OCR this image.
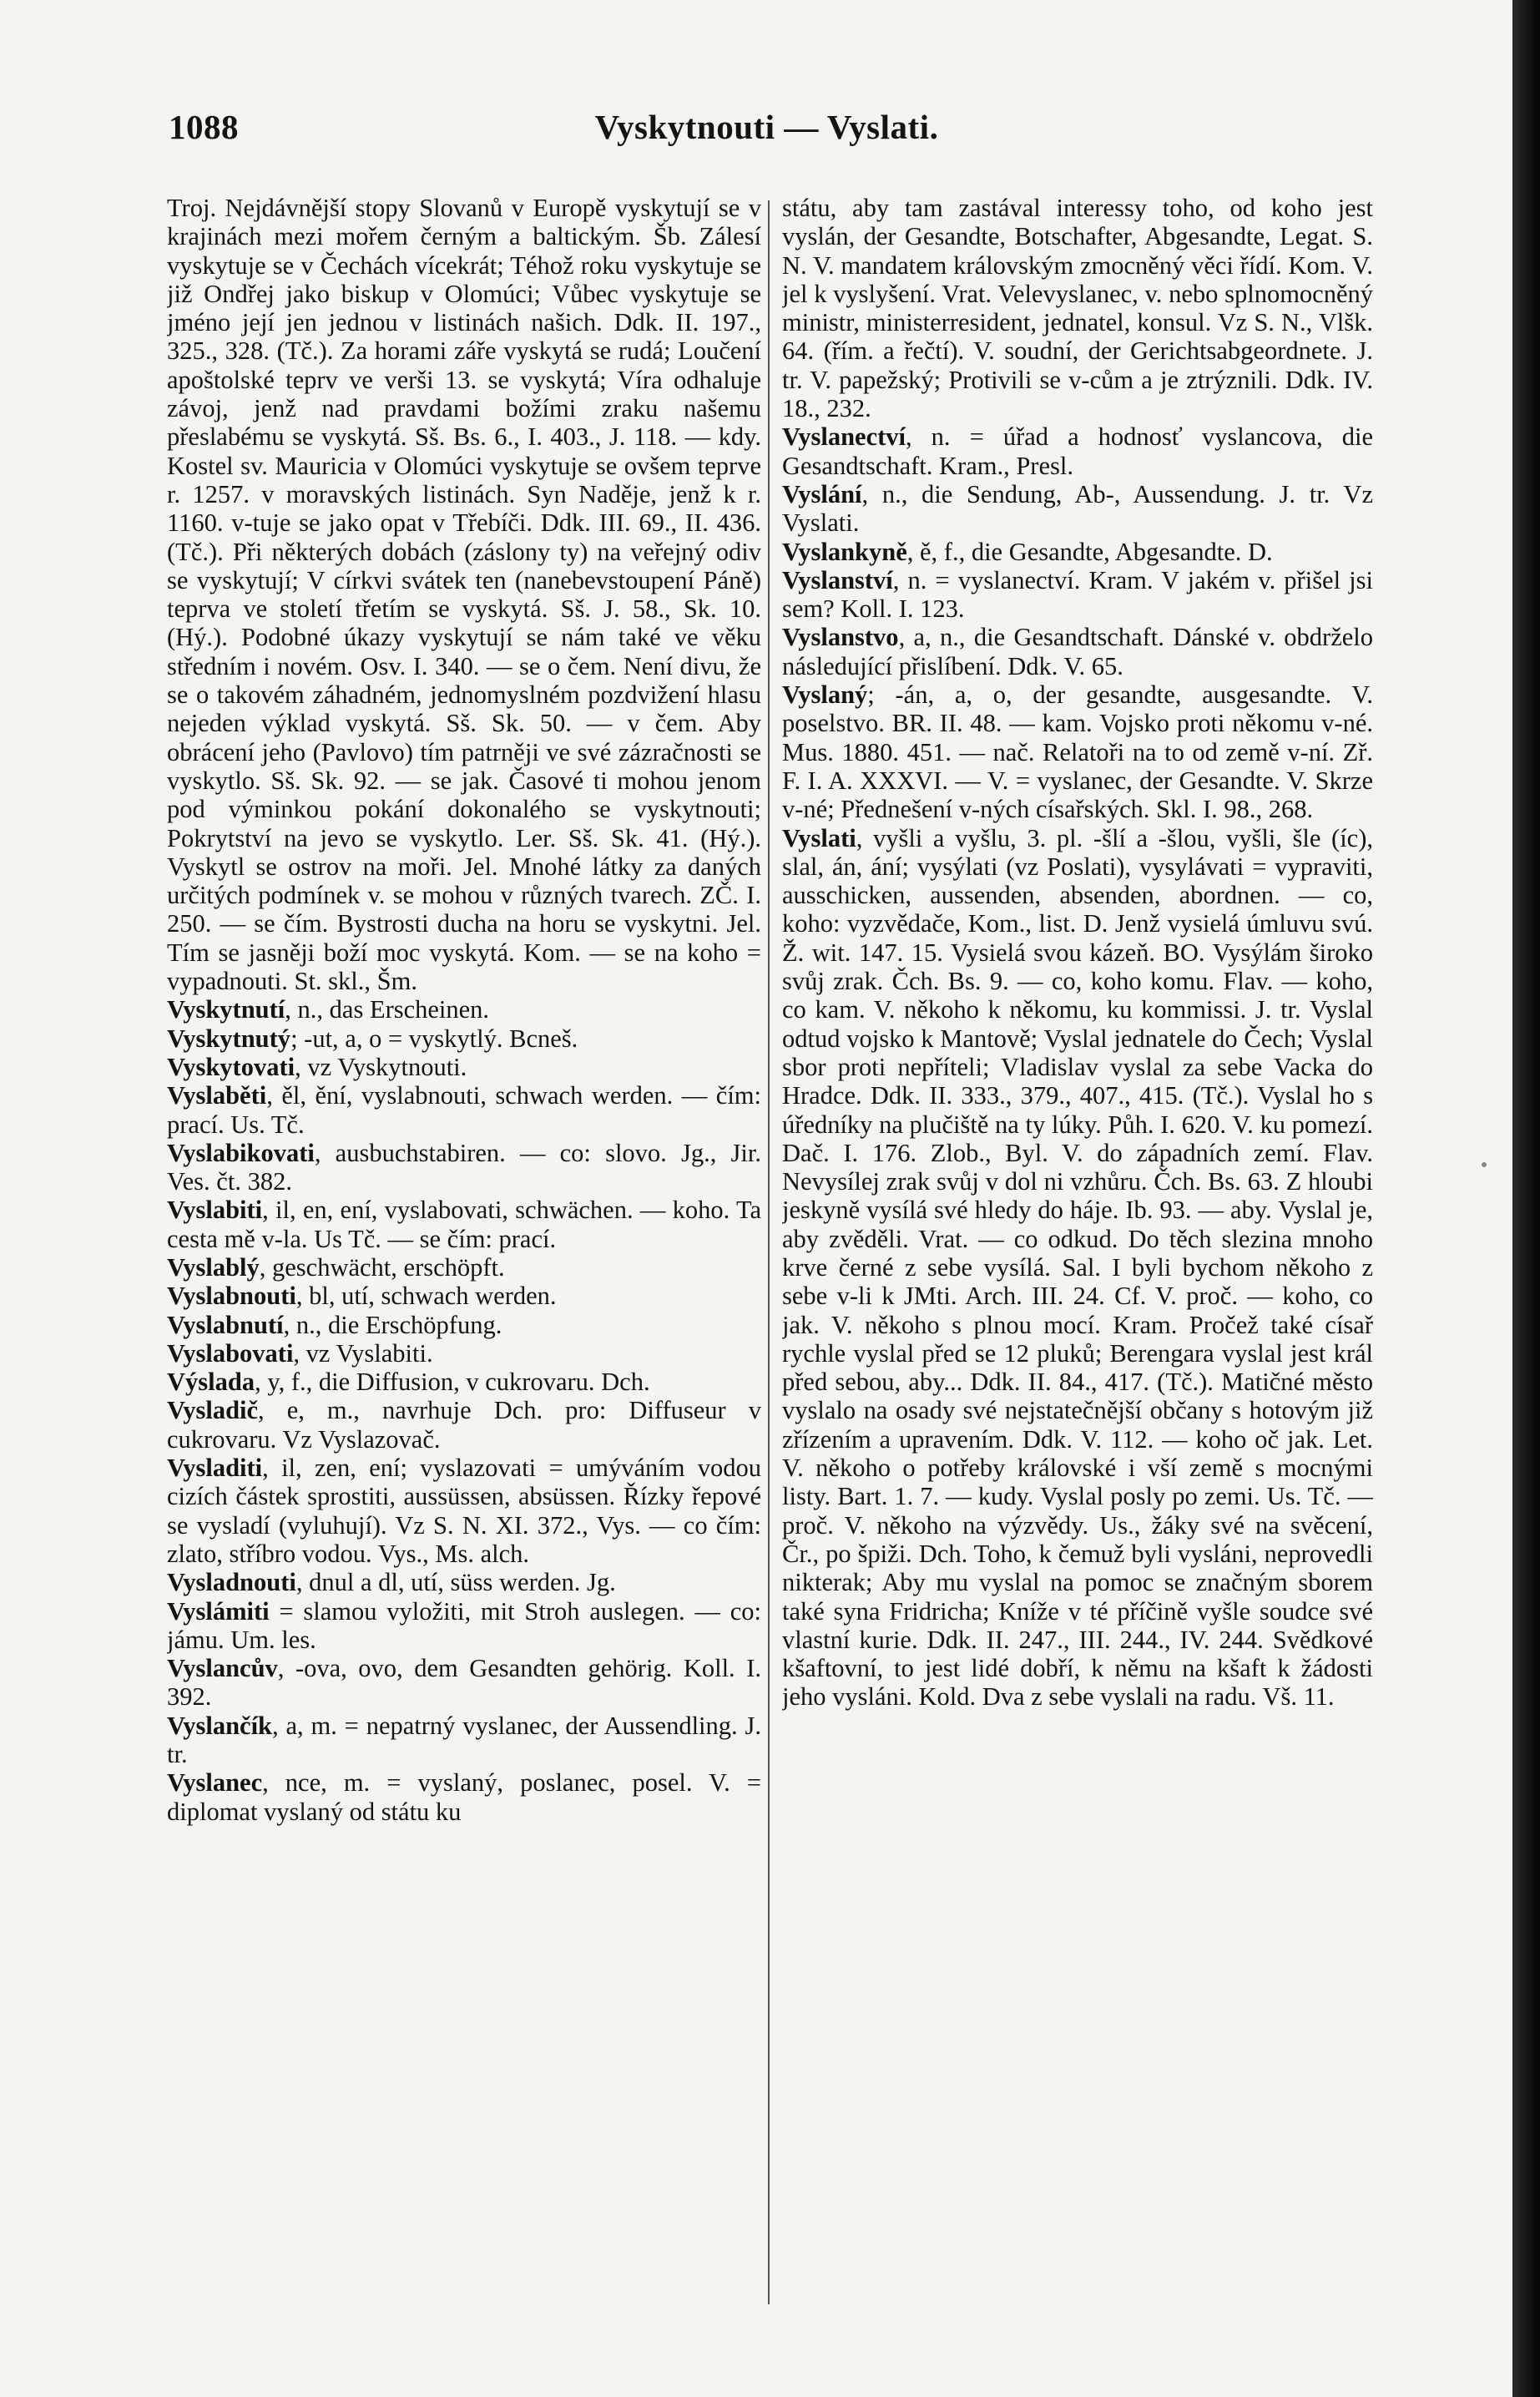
1088	Vyskytnouti — Vyslati.

Troj. Nejdávnější stopy Slovanů v Europě vyskytují se v krajinách mezi mořem černým a baltickým. Šb. Zálesí vyskytuje se v Čechách vícekrát; Téhož roku vyskytuje se již Ondřej jako biskup v Olomúci; Vůbec vyskytuje se jméno její jen jednou v listinách našich. Ddk. II. 197., 325., 328. (Tč.). Za horami záře vyskytá se rudá; Loučení apoštolské teprv ve verši 13. se vyskytá; Víra odhaluje závoj, jenž nad pravdami božími zraku našemu přeslabému se vyskytá. Sš. Bs. 6., I. 403., J. 118. — kdy. Kostel sv. Mauricia v Olomúci vyskytuje se ovšem teprve r. 1257. v moravských listinách. Syn Naděje, jenž k r. 1160. v-tuje se jako opat v Třebíči. Ddk. III. 69., II. 436. (Tč.). Při některých dobách (záslony ty) na veřejný odiv se vyskytují; V církvi svátek ten (nanebevstoupení Páně) teprva ve století třetím se vyskytá. Sš. J. 58., Sk. 10. (Hý.). Podobné úkazy vyskytují se nám také ve věku středním i novém. Osv. I. 340. — se o čem. Není divu, že se o takovém záhadném, jednomyslném pozdvižení hlasu nejeden výklad vyskytá. Sš. Sk. 50. — v čem. Aby obrácení jeho (Pavlovo) tím patrněji ve své zázračnosti se vyskytlo. Sš. Sk. 92. — se jak. Časové ti mohou jenom pod výminkou pokání dokonalého se vyskytnouti; Pokrytství na jevo se vyskytlo. Ler. Sš. Sk. 41. (Hý.). Vyskytl se ostrov na moři. Jel. Mnohé látky za daných určitých podmínek v. se mohou v různých tvarech. ZČ. I. 250. — se čím. Bystrosti ducha na horu se vyskytni. Jel. Tím se jasněji boží moc vyskytá. Kom. — se na koho = vypadnouti. St. skl., Šm.

Vyskytnutí, n., das Erscheinen.

Vyskytnutý; -ut, a, o = vyskytlý. Bcneš.

Vyskytovati, vz Vyskytnouti.

Vyslaběti, ěl, ění, vyslabnouti, schwach werden. — čím: prací. Us. Tč.

Vyslabikovati, ausbuchstabiren. — co: slovo. Jg., Jir. Ves. čt. 382.

Vyslabiti, il, en, ení, vyslabovati, schwächen. — koho. Ta cesta mě v-la. Us Tč. — se čím: prací.

Vyslablý, geschwächt, erschöpft.

Vyslabnouti, bl, utí, schwach werden.

Vyslabnutí, n., die Erschöpfung.

Vyslabovati, vz Vyslabiti.

Výslada, y, f., die Diffusion, v cukrovaru. Dch.

Vysladič, e, m., navrhuje Dch. pro: Diffuseur v cukrovaru. Vz Vyslazovač.

Vysladiti, il, zen, ení; vyslazovati = umýváním vodou cizích částek sprostiti, aussüssen, absüssen. Řízky řepové se vysladí (vyluhují). Vz S. N. XI. 372., Vys. — co čím: zlato, stříbro vodou. Vys., Ms. alch.

Vysladnouti, dnul a dl, utí, süss werden. Jg.

Vyslámiti = slamou vyložiti, mit Stroh auslegen. — co: jámu. Um. les.

Vyslancův, -ova, ovo, dem Gesandten gehörig. Koll. I. 392.

Vyslančík, a, m. = nepatrný vyslanec, der Aussendling. J. tr.

Vyslanec, nce, m. = vyslaný, poslanec, posel. V. = diplomat vyslaný od státu ku

státu, aby tam zastával interessy toho, od koho jest vyslán, der Gesandte, Botschafter, Abgesandte, Legat. S. N. V. mandatem královským zmocněný věci řídí. Kom. V. jel k vyslyšení. Vrat. Velevyslanec, v. nebo splnomocněný ministr, ministerresident, jednatel, konsul. Vz S. N., Vlšk. 64. (řím. a řečtí). V. soudní, der Gerichtsabgeordnete. J. tr. V. papežský; Protivili se v-cům a je ztrýznili. Ddk. IV. 18., 232.

Vyslanectví, n. = úřad a hodnosť vyslancova, die Gesandtschaft. Kram., Presl.

Vyslání, n., die Sendung, Ab-, Aussendung. J. tr. Vz Vyslati.

Vyslankyně, ě, f., die Gesandte, Abgesandte. D.

Vyslanství, n. = vyslanectví. Kram. V jakém v. přišel jsi sem? Koll. I. 123.

Vyslanstvo, a, n., die Gesandtschaft. Dánské v. obdrželo následující přislíbení. Ddk. V. 65.

Vyslaný; -án, a, o, der gesandte, ausgesandte. V. poselstvo. BR. II. 48. — kam. Vojsko proti někomu v-né. Mus. 1880. 451. — nač. Relatoři na to od země v-ní. Zř. F. I. A. XXXVI. — V. = vyslanec, der Gesandte. V. Skrze v-né; Přednešení v-ných císařských. Skl. I. 98., 268.

Vyslati, vyšli a vyšlu, 3. pl. -šlí a -šlou, vyšli, šle (íc), slal, án, ání; vysýlati (vz Poslati), vysylávati = vypraviti, ausschicken, aussenden, absenden, abordnen. — co, koho: vyzvědače, Kom., list. D. Jenž vysielá úmluvu svú. Ž. wit. 147. 15. Vysielá svou kázeň. BO. Vysýlám široko svůj zrak. Čch. Bs. 9. — co, koho komu. Flav. — koho, co kam. V. někoho k někomu, ku kommissi. J. tr. Vyslal odtud vojsko k Mantově; Vyslal jednatele do Čech; Vyslal sbor proti nepříteli; Vladislav vyslal za sebe Vacka do Hradce. Ddk. II. 333., 379., 407., 415. (Tč.). Vyslal ho s úředníky na plučiště na ty lúky. Půh. I. 620. V. ku pomezí. Dač. I. 176. Zlob., Byl. V. do západních zemí. Flav. Nevysílej zrak svůj v dol ni vzhůru. Čch. Bs. 63. Z hloubi jeskyně vysílá své hledy do háje. Ib. 93. — aby. Vyslal je, aby zvěděli. Vrat. — co odkud. Do těch slezina mnoho krve černé z sebe vysílá. Sal. I byli bychom někoho z sebe v-li k JMti. Arch. III. 24. Cf. V. proč. — koho, co jak. V. někoho s plnou mocí. Kram. Pročež také císař rychle vyslal před se 12 pluků; Berengara vyslal jest král před sebou, aby... Ddk. II. 84., 417. (Tč.). Matičné město vyslalo na osady své nejstatečnější občany s hotovým již zřízením a upravením. Ddk. V. 112. — koho oč jak. Let. V. někoho o potřeby královské i vší země s mocnými listy. Bart. 1. 7. — kudy. Vyslal posly po zemi. Us. Tč. — proč. V. někoho na výzvědy. Us., žáky své na svěcení, Čr., po špiži. Dch. Toho, k čemuž byli vysláni, neprovedli nikterak; Aby mu vyslal na pomoc se značným sborem také syna Fridricha; Kníže v té příčině vyšle soudce své vlastní kurie. Ddk. II. 247., III. 244., IV. 244. Svědkové kšaftovní, to jest lidé dobří, k němu na kšaft k žádosti jeho vysláni. Kold. Dva z sebe vyslali na radu. Vš. 11.
